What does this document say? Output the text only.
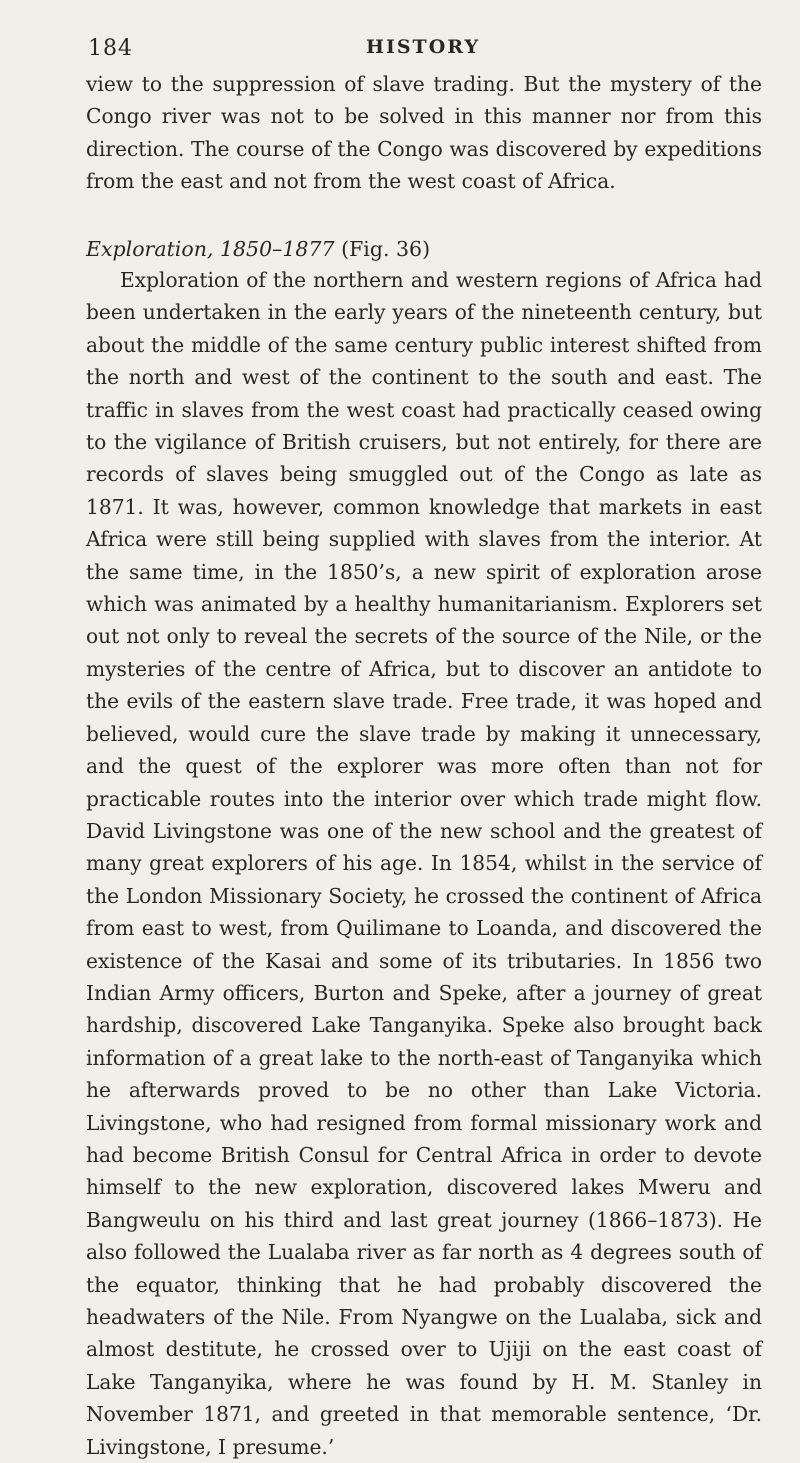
184	HISTORY

view to the suppression of slave trading. But the mystery of the Congo river was not to be solved in this manner nor from this direction. The course of the Congo was discovered by expeditions from the east and not from the west coast of Africa.

Exploration, 1850–1877 (Fig. 36)

Exploration of the northern and western regions of Africa had been undertaken in the early years of the nineteenth century, but about the middle of the same century public interest shifted from the north and west of the continent to the south and east. The traffic in slaves from the west coast had practically ceased owing to the vigilance of British cruisers, but not entirely, for there are records of slaves being smuggled out of the Congo as late as 1871. It was, however, common knowledge that markets in east Africa were still being supplied with slaves from the interior. At the same time, in the 1850’s, a new spirit of exploration arose which was animated by a healthy humanitarianism. Explorers set out not only to reveal the secrets of the source of the Nile, or the mysteries of the centre of Africa, but to discover an antidote to the evils of the eastern slave trade. Free trade, it was hoped and believed, would cure the slave trade by making it unnecessary, and the quest of the explorer was more often than not for practicable routes into the interior over which trade might flow. David Livingstone was one of the new school and the greatest of many great explorers of his age. In 1854, whilst in the service of the London Missionary Society, he crossed the continent of Africa from east to west, from Quilimane to Loanda, and discovered the existence of the Kasai and some of its tributaries. In 1856 two Indian Army officers, Burton and Speke, after a journey of great hardship, discovered Lake Tanganyika. Speke also brought back information of a great lake to the north-east of Tanganyika which he afterwards proved to be no other than Lake Victoria. Livingstone, who had resigned from formal missionary work and had become British Consul for Central Africa in order to devote himself to the new exploration, discovered lakes Mweru and Bangweulu on his third and last great journey (1866–1873). He also followed the Lualaba river as far north as 4 degrees south of the equator, thinking that he had probably discovered the headwaters of the Nile. From Nyangwe on the Lualaba, sick and almost destitute, he crossed over to Ujiji on the east coast of Lake Tanganyika, where he was found by H. M. Stanley in November 1871, and greeted in that memorable sentence, ‘Dr. Livingstone, I presume.’
